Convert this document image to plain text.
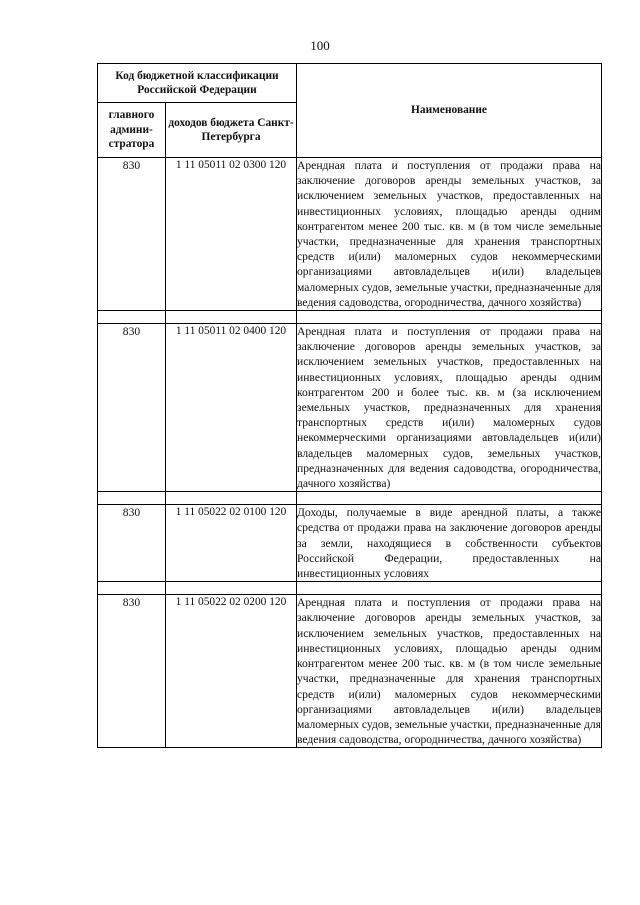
100
Код бюджетной классификации Российской Федерации		Наименование
главного админи-стратора	доходов бюджета Санкт-Петербурга	
830	1 11 05011 02 0300 120	Арендная плата и поступления от продажи права на заключение договоров аренды земельных участков, за исключением земельных участков, предоставленных на инвестиционных условиях, площадью аренды одним контрагентом менее 200 тыс. кв. м (в том числе земельные участки, предназначенные для хранения транспортных средств и(или) маломерных судов некоммерческими организациями автовладельцев и(или) владельцев маломерных судов, земельные участки, предназначенные для ведения садоводства, огородничества, дачного хозяйства)

830	1 11 05011 02 0400 120	Арендная плата и поступления от продажи права на заключение договоров аренды земельных участков, за исключением земельных участков, предоставленных на инвестиционных условиях, площадью аренды одним контрагентом 200 и более тыс. кв. м (за исключением земельных участков, предназначенных для хранения транспортных средств и(или) маломерных судов некоммерческими организациями автовладельцев и(или) владельцев маломерных судов, земельных участков, предназначенных для ведения садоводства, огородничества, дачного хозяйства)

830	1 11 05022 02 0100 120	Доходы, получаемые в виде арендной платы, а также средства от продажи права на заключение договоров аренды за земли, находящиеся в собственности субъектов Российской Федерации, предоставленных на инвестиционных условиях

830	1 11 05022 02 0200 120	Арендная плата и поступления от продажи права на заключение договоров аренды земельных участков, за исключением земельных участков, предоставленных на инвестиционных условиях, площадью аренды одним контрагентом менее 200 тыс. кв. м (в том числе земельные участки, предназначенные для хранения транспортных средств и(или) маломерных судов некоммерческими организациями автовладельцев и(или) владельцев маломерных судов, земельные участки, предназначенные для ведения садоводства, огородничества, дачного хозяйства)
